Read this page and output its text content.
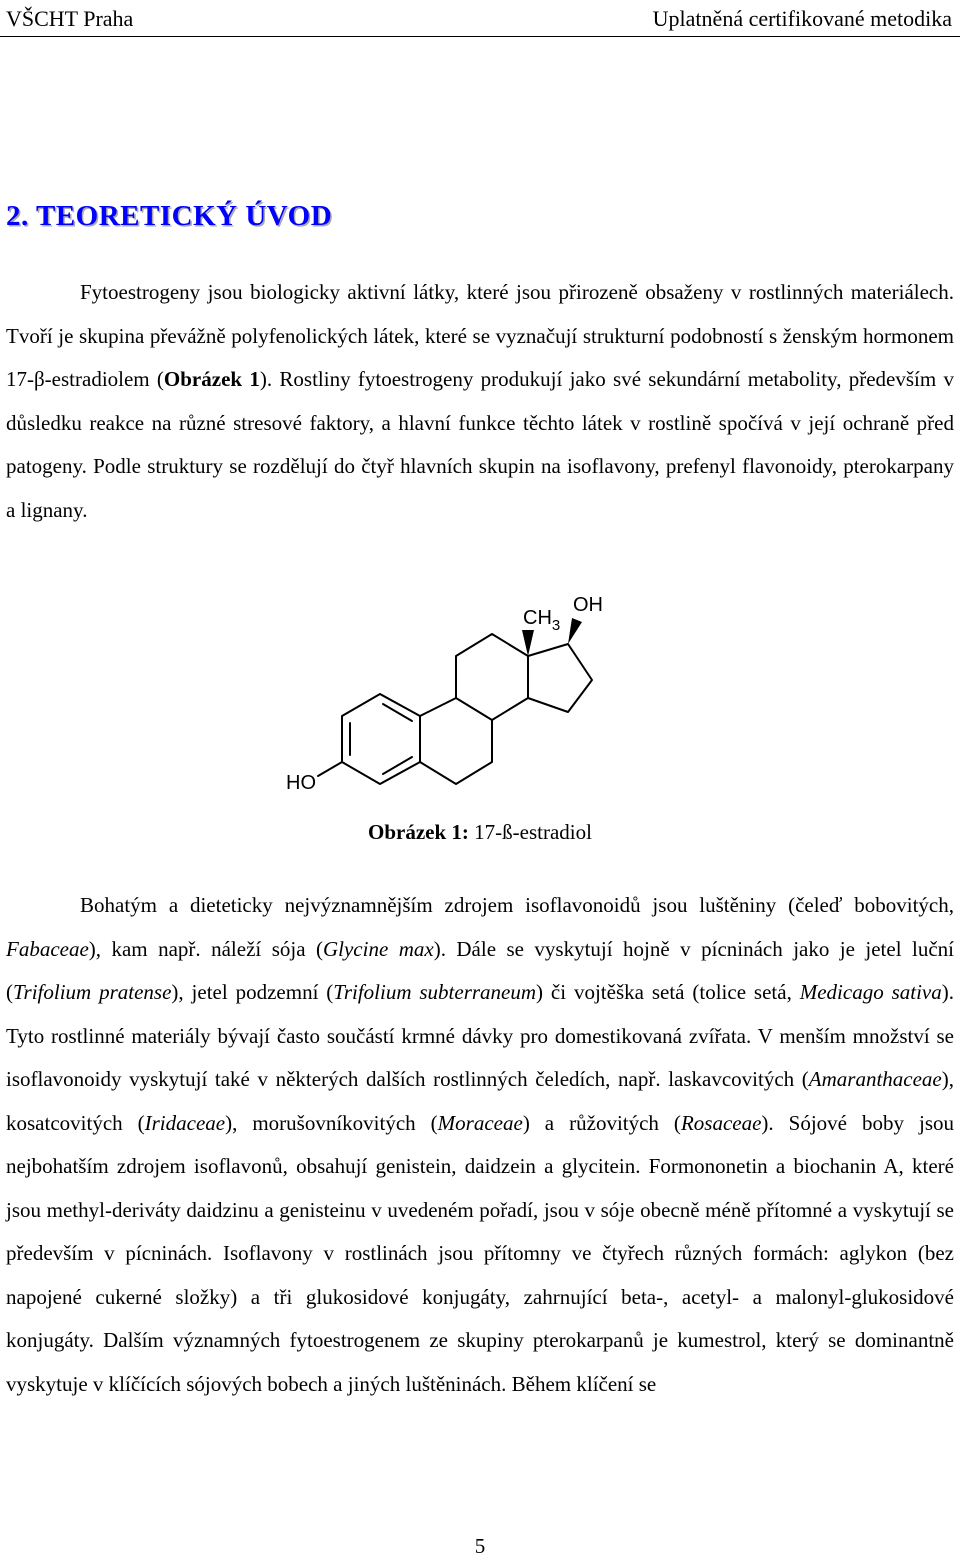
VŠCHT Praha	Uplatněná certifikované metodika
2. TEORETICKÝ ÚVOD

Fytoestrogeny jsou biologicky aktivní látky, které jsou přirozeně obsaženy v rostlinných materiálech. Tvoří je skupina převážně polyfenolických látek, které se vyznačují strukturní podobností s ženským hormonem 17-β-estradiolem (Obrázek 1). Rostliny fytoestrogeny produkují jako své sekundární metabolity, především v důsledku reakce na různé stresové faktory, a hlavní funkce těchto látek v rostlině spočívá v její ochraně před patogeny. Podle struktury se rozdělují do čtyř hlavních skupin na isoflavony, prefenyl flavonoidy, pterokarpany a lignany.

$CH_3$
OH
HO

Obrázek 1: 17-ß-estradiol

Bohatým a dieteticky nejvýznamnějším zdrojem isoflavonoidů jsou luštěniny (čeleď bobovitých, Fabaceae), kam např. náleží sója (Glycine max). Dále se vyskytují hojně v pícninách jako je jetel luční (Trifolium pratense), jetel podzemní (Trifolium subterraneum) či vojtěška setá (tolice setá, Medicago sativa). Tyto rostlinné materiály bývají často součástí krmné dávky pro domestikovaná zvířata. V menším množství se isoflavonoidy vyskytují také v některých dalších rostlinných čeledích, např. laskavcovitých (Amaranthaceae), kosatcovitých (Iridaceae), morušovníkovitých (Moraceae) a růžovitých (Rosaceae). Sójové boby jsou nejbohatším zdrojem isoflavonů, obsahují genistein, daidzein a glycitein. Formononetin a biochanin A, které jsou methyl-deriváty daidzinu a genisteinu v uvedeném pořadí, jsou v sóje obecně méně přítomné a vyskytují se především v pícninách. Isoflavony v rostlinách jsou přítomny ve čtyřech různých formách: aglykon (bez napojené cukerné složky) a tři glukosidové konjugáty, zahrnující beta-, acetyl- a malonyl-glukosidové konjugáty. Dalším významných fytoestrogenem ze skupiny pterokarpanů je kumestrol, který se dominantně vyskytuje v klíčících sójových bobech a jiných luštěninách. Během klíčení se

5
